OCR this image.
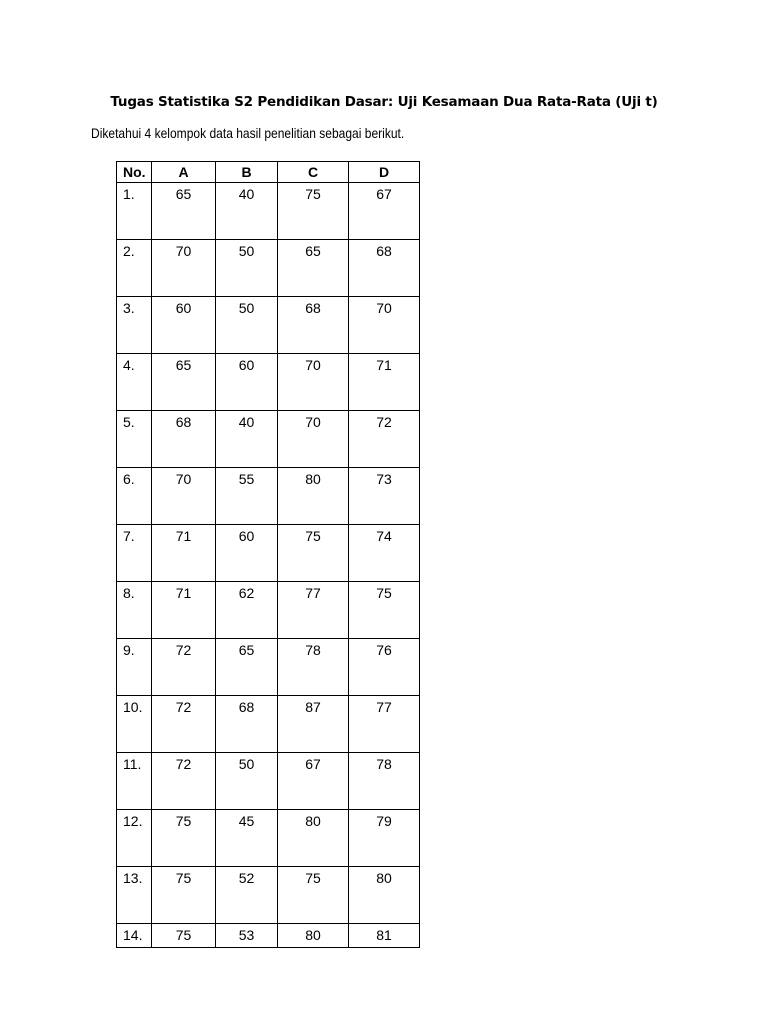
Tugas Statistika S2 Pendidikan Dasar: Uji Kesamaan Dua Rata-Rata (Uji t)
Diketahui 4 kelompok data hasil penelitian sebagai berikut.
No.	A	B	C	D
1.	65	40	75	67
2.	70	50	65	68
3.	60	50	68	70
4.	65	60	70	71
5.	68	40	70	72
6.	70	55	80	73
7.	71	60	75	74
8.	71	62	77	75
9.	72	65	78	76
10.	72	68	87	77
11.	72	50	67	78
12.	75	45	80	79
13.	75	52	75	80
14.	75	53	80	81
